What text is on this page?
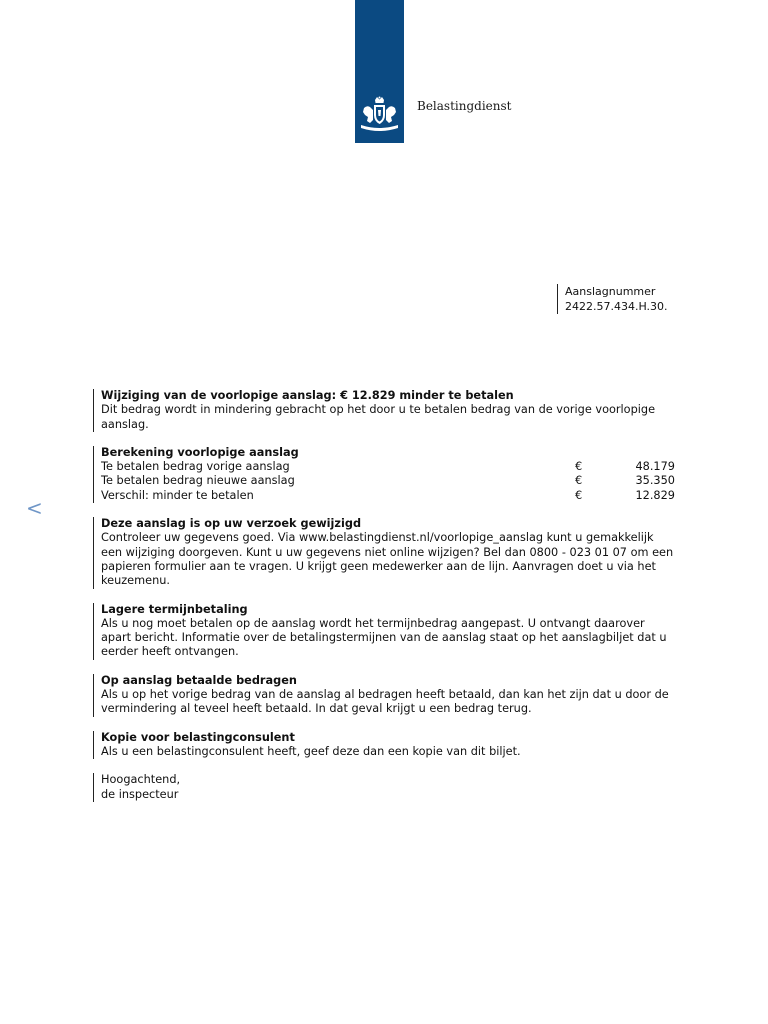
Belastingdienst
Aanslagnummer
2422.57.434.H.30.
<
Wijziging van de voorlopige aanslag: € 12.829 minder te betalen

Dit bedrag wordt in mindering gebracht op het door u te betalen bedrag van de vorige voorlopige aanslag.

Berekening voorlopige aanslag
Te betalen bedrag vorige aanslag	€	48.179
Te betalen bedrag nieuwe aanslag	€	35.350
Verschil: minder te betalen	€	12.829
Deze aanslag is op uw verzoek gewijzigd

Controleer uw gegevens goed. Via www.belastingdienst.nl/voorlopige_aanslag kunt u gemakkelijk een wijziging doorgeven. Kunt u uw gegevens niet online wijzigen? Bel dan 0800 - 023 01 07 om een papieren formulier aan te vragen. U krijgt geen medewerker aan de lijn. Aanvragen doet u via het keuzemenu.

Lagere termijnbetaling

Als u nog moet betalen op de aanslag wordt het termijnbedrag aangepast. U ontvangt daarover apart bericht. Informatie over de betalingstermijnen van de aanslag staat op het aanslagbiljet dat u eerder heeft ontvangen.

Op aanslag betaalde bedragen

Als u op het vorige bedrag van de aanslag al bedragen heeft betaald, dan kan het zijn dat u door de vermindering al teveel heeft betaald. In dat geval krijgt u een bedrag terug.

Kopie voor belastingconsulent

Als u een belastingconsulent heeft, geef deze dan een kopie van dit biljet.

Hoogachtend,

de inspecteur
